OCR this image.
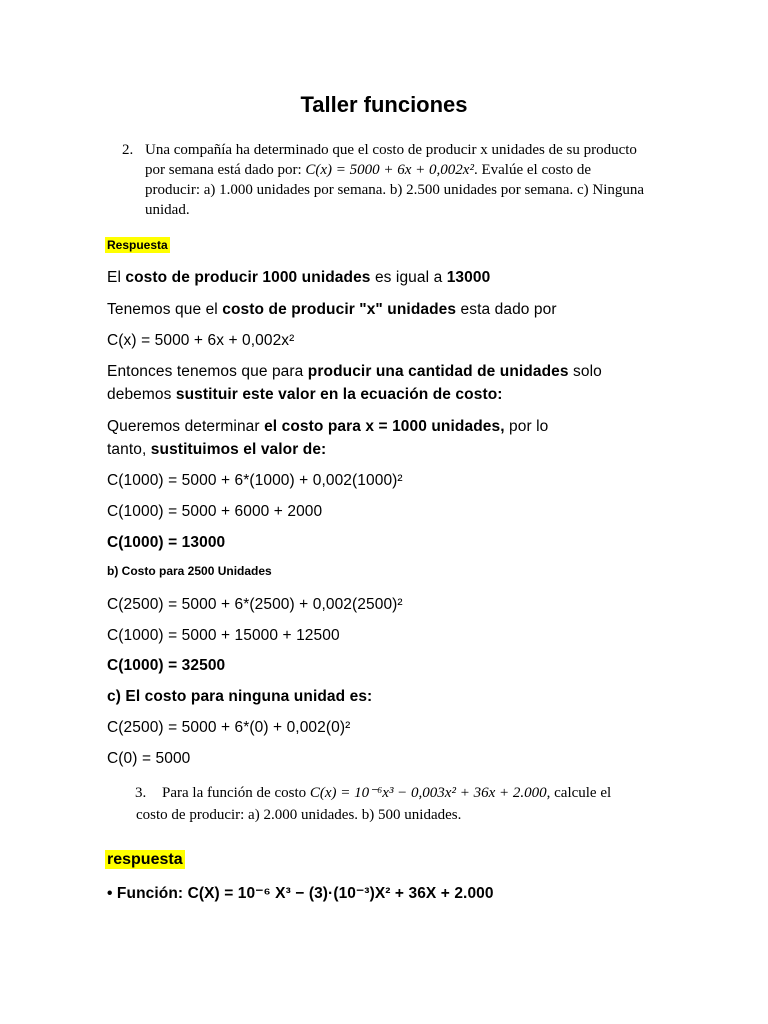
Taller funciones
2. Una compañía ha determinado que el costo de producir x unidades de su producto
por semana está dado por: C(x) = 5000 + 6x + 0,002x². Evalúe el costo de
producir: a) 1.000 unidades por semana. b) 2.500 unidades por semana. c) Ninguna
unidad.
Respuesta
El costo de producir 1000 unidades es igual a 13000
Tenemos que el costo de producir "x" unidades esta dado por
C(x) = 5000 + 6x + 0,002x²
Entonces tenemos que para producir una cantidad de unidades solo
debemos sustituir este valor en la ecuación de costo:
Queremos determinar el costo para x = 1000 unidades, por lo
tanto, sustituimos el valor de:
C(1000) = 5000 + 6*(1000) + 0,002(1000)²
C(1000) = 5000 + 6000 + 2000
C(1000) = 13000
b) Costo para 2500 Unidades
C(2500) = 5000 + 6*(2500) + 0,002(2500)²
C(1000) = 5000 + 15000 + 12500
C(1000) = 32500
c) El costo para ninguna unidad es:
C(2500) = 5000 + 6*(0) + 0,002(0)²
C(0) = 5000
3. Para la función de costo C(x) = 10⁻⁶x³ − 0,003x² + 36x + 2.000, calcule el
costo de producir: a) 2.000 unidades. b) 500 unidades.
respuesta
• Función: C(X) = 10⁻⁶ X³ − (3)·(10⁻³)X² + 36X + 2.000
